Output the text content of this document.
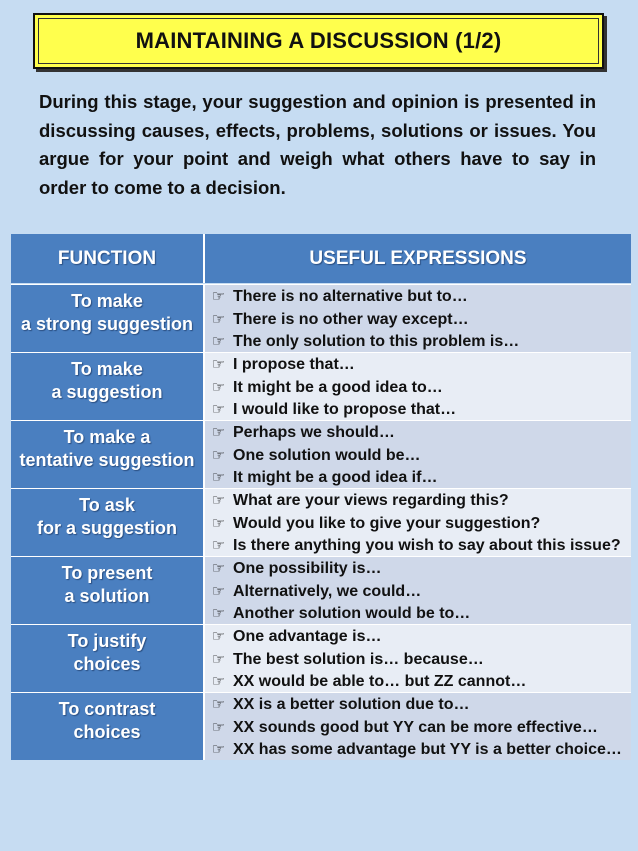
MAINTAINING A DISCUSSION (1/2)
During this stage, your suggestion and opinion is presented in discussing causes, effects, problems, solutions or issues. You argue for your point and weigh what others have to say in order to come to a decision.
FUNCTION	USEFUL EXPRESSIONS
To make
a strong suggestion
☞ There is no alternative but to…
☞ There is no other way except…
☞ The only solution to this problem is…
To make
a suggestion
☞ I propose that…
☞ It might be a good idea to…
☞ I would like to propose that…
To make a
tentative suggestion
☞ Perhaps we should…
☞ One solution would be…
☞ It might be a good idea if…
To ask
for a suggestion
☞ What are your views regarding this?
☞ Would you like to give your suggestion?
☞ Is there anything you wish to say about this issue?
To present
a solution
☞ One possibility is…
☞ Alternatively, we could…
☞ Another solution would be to…
To justify
choices
☞ One advantage is…
☞ The best solution is… because…
☞ XX would be able to… but ZZ cannot…
To contrast
choices
☞ XX is a better solution due to…
☞ XX sounds good but YY can be more effective…
☞ XX has some advantage but YY is a better choice…
